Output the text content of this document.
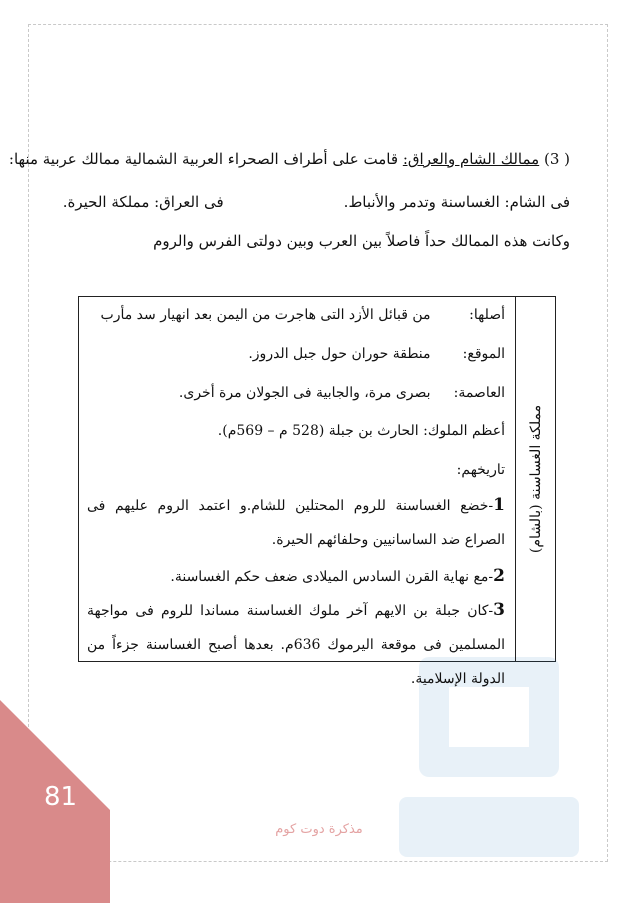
( 3) ممالك الشام والعراق: قامت على أطراف الصحراء العربية الشمالية ممالك عربية منها:
فى الشام: الغساسنة وتدمر والأنباط.فى العراق: مملكة الحيرة.
وكانت هذه الممالك حداً فاصلاً بين العرب وبين دولتى الفرس والروم
مملكة الغساسنة (بالشام)
أصلها: من قبائل الأزد التى هاجرت من اليمن بعد انهيار سد مأرب
الموقع: منطقة حوران حول جبل الدروز.
العاصمة: بصرى مرة، والجابية فى الجولان مرة أخرى.
أعظم الملوك: الحارث بن جبلة (528 م – 569م).
تاريخهم:
1-خضع الغساسنة للروم المحتلين للشام.و اعتمد الروم عليهم فى الصراع ضد الساسانيين وحلفائهم الحيرة.
2-مع نهاية القرن السادس الميلادى ضعف حكم الغساسنة.
3-كان جبلة بن الايهم آخر ملوك الغساسنة مساندا للروم فى مواجهة المسلمين فى موقعة اليرموك 636م. بعدها أصبح الغساسنة جزءاً من الدولة الإسلامية.
81
مذكرة دوت كوم
